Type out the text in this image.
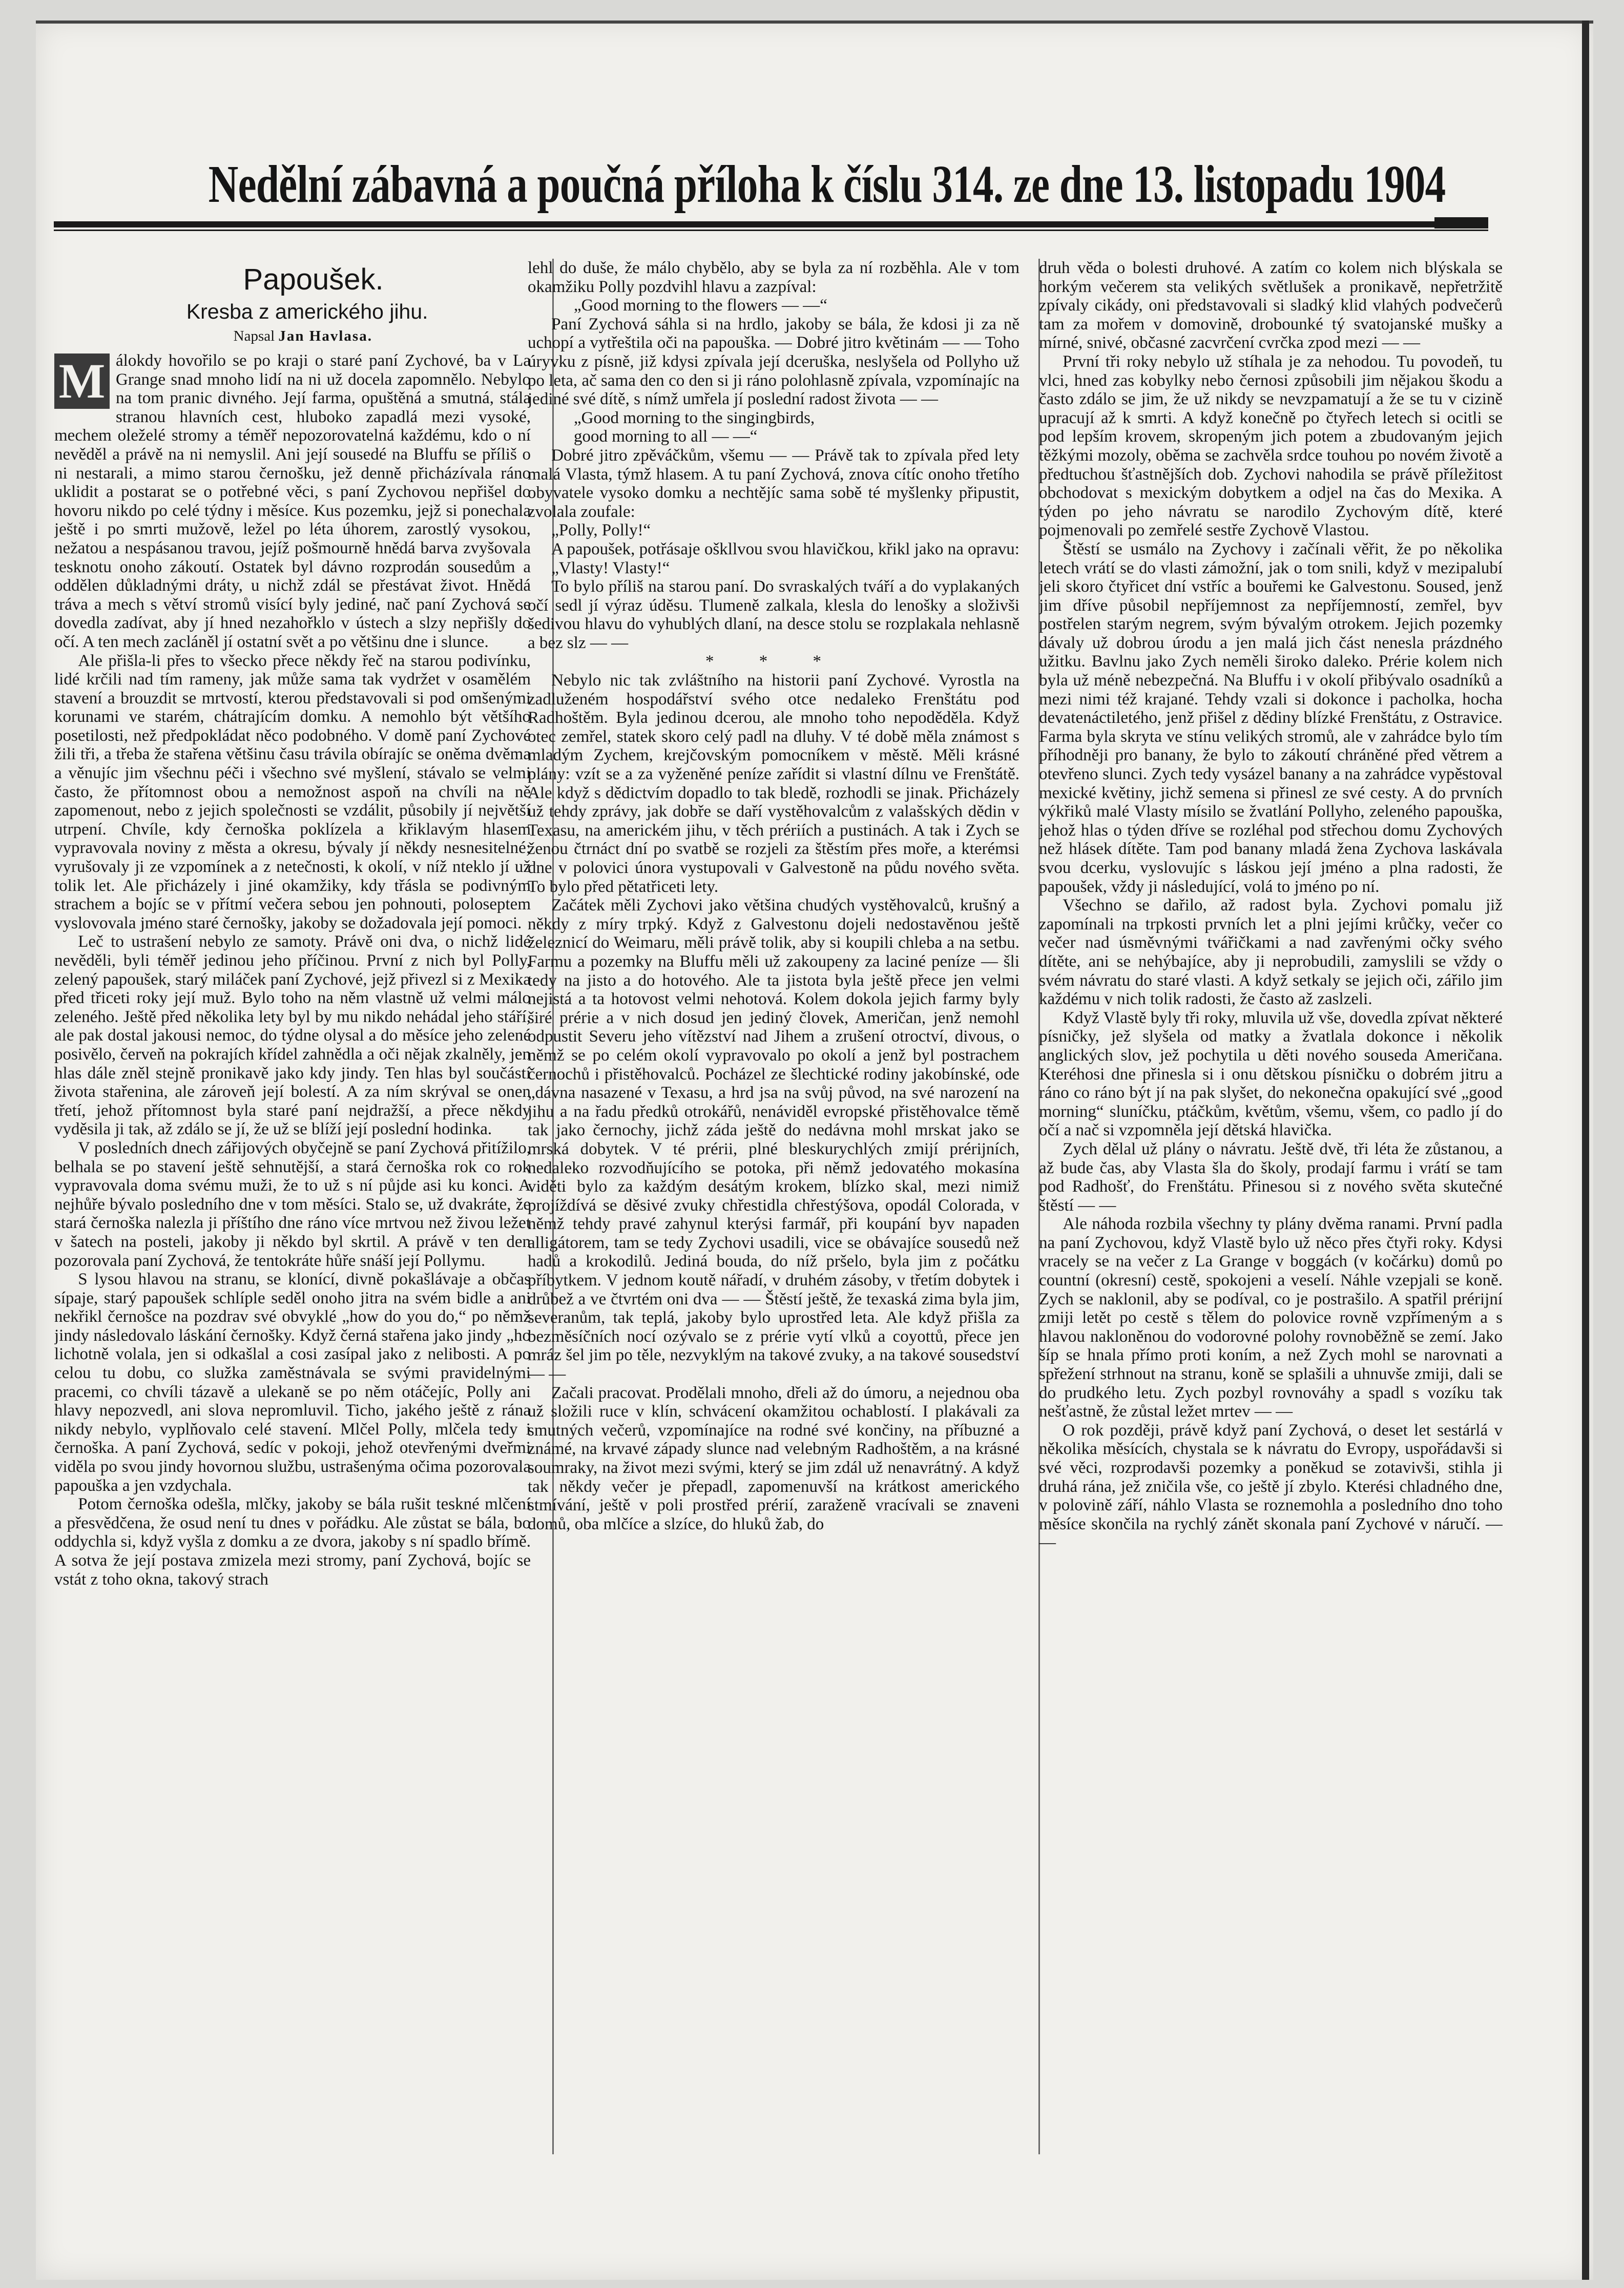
Nedělní zábavná a poučná příloha k číslu 314. ze dne 13. listopadu 1904

Papoušek.

Kresba z amerického jihu.

Napsal Jan Havlasa.

M álokdy hovořilo se po kraji o staré paní Zychové, ba v La Grange snad mnoho lidí na ni už docela zapomnělo. Nebylo na tom pranic divného. Její farma, opuštěná a smutná, stála stranou hlavních cest, hluboko zapadlá mezi vysoké, mechem oleželé stromy a téměř nepozorovatelná každému, kdo o ní nevěděl a právě na ni nemyslil. Ani její sousedé na Bluffu se příliš o ni nestarali, a mimo starou černošku, jež denně přicházívala ráno uklidit a postarat se o potřebné věci, s paní Zychovou nepřišel do hovoru nikdo po celé týdny i měsíce. Kus pozemku, jejž si ponechala ještě i po smrti mužově, ležel po léta úhorem, zarostlý vysokou, nežatou a nespásanou travou, jejíž pošmourně hnědá barva zvyšovala tesknotu onoho zákoutí. Ostatek byl dávno rozprodán sousedům a oddělen důkladnými dráty, u nichž zdál se přestávat život. Hnědá tráva a mech s větví stromů visící byly jediné, nač paní Zychová se dovedla zadívat, aby jí hned nezahořklo v ústech a slzy nepřišly do očí. A ten mech zacláněl jí ostatní svět a po většinu dne i slunce.

Ale přišla-li přes to všecko přece někdy řeč na starou podivínku, lidé krčili nad tím rameny, jak může sama tak vydržet v osamělém stavení a brouzdit se mrtvostí, kterou představovali si pod omšenými korunami ve starém, chátrajícím domku. A nemohlo být většího posetilosti, než předpokládat něco podobného. V domě paní Zychové žili tři, a třeba že stařena většinu času trávila obírajíc se oněma dvěma a věnujíc jim všechnu péči i všechno své myšlení, stávalo se velmi často, že přítomnost obou a nemožnost aspoň na chvíli na ně zapomenout, nebo z jejich společnosti se vzdálit, působily jí největší utrpení. Chvíle, kdy černoška poklízela a křiklavým hlasem vypravovala noviny z města a okresu, bývaly jí někdy nesnesitelné; vyrušovaly ji ze vzpomínek a z netečnosti, k okolí, v níž nteklo jí už tolik let. Ale přicházely i jiné okamžiky, kdy třásla se podivným strachem a bojíc se v přítmí večera sebou jen pohnouti, poloseptem vyslovovala jméno staré černošky, jakoby se dožadovala její pomoci.

Leč to ustrašení nebylo ze samoty. Právě oni dva, o nichž lidé nevěděli, byli téměř jedinou jeho příčinou. První z nich byl Polly, zelený papoušek, starý miláček paní Zychové, jejž přivezl si z Mexika před třiceti roky její muž. Bylo toho na něm vlastně už velmi málo zeleného. Ještě před několika lety byl by mu nikdo nehádal jeho stáří, ale pak dostal jakousi nemoc, do týdne olysal a do měsíce jeho zelené posivělo, červeň na pokrajích křídel zahnědla a oči nějak zkalněly, jen hlas dále zněl stejně pronikavě jako kdy jindy. Ten hlas byl součástí života stařenina, ale zároveň její bolestí. A za ním skrýval se onen třetí, jehož přítomnost byla staré paní nejdražší, a přece někdy vyděsila ji tak, až zdálo se jí, že už se blíží její poslední hodinka.

V posledních dnech zářijových obyčejně se paní Zychová přitížilo, belhala se po stavení ještě sehnutější, a stará černoška rok co rok vypravovala doma svému muži, že to už s ní půjde asi ku konci. A nejhůře bývalo posledního dne v tom měsíci. Stalo se, už dvakráte, že stará černoška nalezla ji příštího dne ráno více mrtvou než živou ležet v šatech na posteli, jakoby ji někdo byl skrtil. A právě v ten den pozorovala paní Zychová, že tentokráte hůře snáší její Pollymu.

S lysou hlavou na stranu, se klonící, divně pokašlávaje a občas sípaje, starý papoušek schlíple seděl onoho jitra na svém bidle a ani nekřikl černošce na pozdrav své obvyklé „how do you do,“ po němž jindy následovalo láskání černošky. Když černá stařena jako jindy „ho lichotně volala, jen si odkašlal a cosi zasípal jako z nelibosti. A po celou tu dobu, co služka zaměstnávala se svými pravidelnými pracemi, co chvíli tázavě a ulekaně se po něm otáčejíc, Polly ani hlavy nepozvedl, ani slova nepromluvil. Ticho, jakého ještě z rána nikdy nebylo, vyplňovalo celé stavení. Mlčel Polly, mlčela tedy i černoška. A paní Zychová, sedíc v pokoji, jehož otevřenými dveřmi viděla po svou jindy hovornou službu, ustrašenýma očima pozorovala papouška a jen vzdychala.

Potom černoška odešla, mlčky, jakoby se bála rušit teskné mlčení a přesvědčena, že osud není tu dnes v pořádku. Ale zůstat se bála, bo oddychla si, když vyšla z domku a ze dvora, jakoby s ní spadlo břímě. A sotva že její postava zmizela mezi stromy, paní Zychová, bojíc se vstát z toho okna, takový strach

lehl do duše, že málo chybělo, aby se byla za ní rozběhla. Ale v tom okamžiku Polly pozdvihl hlavu a zazpíval:

„Good morning to the flowers — —“

Paní Zychová sáhla si na hrdlo, jakoby se bála, že kdosi ji za ně uchopí a vytřeštila oči na papouška. — Dobré jitro květinám — — Toho úryvku z písně, již kdysi zpívala její dceruška, neslyšela od Pollyho už po leta, ač sama den co den si ji ráno polohlasně zpívala, vzpomínajíc na jediné své dítě, s nímž umřela jí poslední radost života — —

„Good morning to the singingbirds,

good morning to all — —“

Dobré jitro zpěváčkům, všemu — — Právě tak to zpívala před lety malá Vlasta, týmž hlasem. A tu paní Zychová, znova cítíc onoho třetího obyvatele vysoko domku a nechtějíc sama sobě té myšlenky připustit, zvolala zoufale:

„Polly, Polly!“

A papoušek, potřásaje oškllvou svou hlavičkou, křikl jako na opravu:

„Vlasty! Vlasty!“

To bylo příliš na starou paní. Do svraskalých tváří a do vyplakaných očí sedl jí výraz úděsu. Tlumeně zalkala, klesla do lenošky a složivši šedivou hlavu do vyhublých dlaní, na desce stolu se rozplakala nehlasně a bez slz — —

* * *

Nebylo nic tak zvláštního na historii paní Zychové. Vyrostla na zadluženém hospodářství svého otce nedaleko Frenštátu pod Radhoštěm. Byla jedinou dcerou, ale mnoho toho nepoděděla. Když otec zemřel, statek skoro celý padl na dluhy. V té době měla známost s mladým Zychem, krejčovským pomocníkem v městě. Měli krásné plány: vzít se a za vyženěné peníze zařídit si vlastní dílnu ve Frenštátě. Ale když s dědictvím dopadlo to tak bledě, rozhodli se jinak. Přicházely už tehdy zprávy, jak dobře se daří vystěhovalcům z valašských dědin v Texasu, na americkém jihu, v těch prériích a pustinách. A tak i Zych se ženou čtrnáct dní po svatbě se rozjeli za štěstím přes moře, a kterémsi dne v polovici února vystupovali v Galvestoně na půdu nového světa. To bylo před pětatřiceti lety.

Začátek měli Zychovi jako většina chudých vystěhovalců, krušný a někdy z míry trpký. Když z Galvestonu dojeli nedostavěnou ještě železnicí do Weimaru, měli právě tolik, aby si koupili chleba a na setbu. Farmu a pozemky na Bluffu měli už zakoupeny za laciné peníze — šli tedy na jisto a do hotového. Ale ta jistota byla ještě přece jen velmi nejistá a ta hotovost velmi nehotová. Kolem dokola jejich farmy byly širé prérie a v nich dosud jen jediný človek, Američan, jenž nemohl odpustit Severu jeho vítězství nad Jihem a zrušení otroctví, divous, o němž se po celém okolí vypravovalo po okolí a jenž byl postrachem černochů i přistěhovalců. Pocházel ze šlechtické rodiny jakobínské, ode „dávna nasazené v Texasu, a hrd jsa na svůj původ, na své narození na jihu a na řadu předků otrokářů, nenáviděl evropské přistěhovalce těmě tak jako černochy, jichž záda ještě do nedávna mohl mrskat jako se mrská dobytek. V té prérii, plné bleskurychlých zmijí prérijních, nedaleko rozvodňujícího se potoka, při němž jedovatého mokasína viděti bylo za každým desátým krokem, blízko skal, mezi nimiž projíždívá se děsivé zvuky chřestidla chřestýšova, opodál Colorada, v němž tehdy pravé zahynul kterýsi farmář, při koupání byv napaden alligátorem, tam se tedy Zychovi usadili, vice se obávajíce sousedů než hadů a krokodilů. Jediná bouda, do níž pršelo, byla jim z počátku příbytkem. V jednom koutě nářadí, v druhém zásoby, v třetím dobytek i drůbež a ve čtvrtém oni dva — — Štěstí ještě, že texaská zima byla jim, severanům, tak teplá, jakoby bylo uprostřed leta. Ale když přišla za bezměsíčních nocí ozývalo se z prérie vytí vlků a coyottů, přece jen mráz šel jim po těle, nezvyklým na takové zvuky, a na takové sousedství — —

Začali pracovat. Prodělali mnoho, dřeli až do úmoru, a nejednou oba už složili ruce v klín, schvácení okamžitou ochablostí. I plakávali za smutných večerů, vzpomínajíce na rodné své končiny, na příbuzné a známé, na krvavé západy slunce nad velebným Radhoštěm, a na krásné soumraky, na život mezi svými, který se jim zdál už nenavrátný. A když tak někdy večer je přepadl, zapomenuvší na krátkost amerického stmívání, ještě v poli prostřed prérií, zaraženě vracívali se znaveni domů, oba mlčíce a slzíce, do hluků žab, do

druh věda o bolesti druhové. A zatím co kolem nich blýskala se horkým večerem sta velikých světlušek a pronikavě, nepřetržitě zpívaly cikády, oni představovali si sladký klid vlahých podvečerů tam za mořem v domovině, drobounké tý svatojanské mušky a mírné, snivé, občasné zacvrčení cvrčka zpod mezi — —

První tři roky nebylo už stíhala je za nehodou. Tu povodeň, tu vlci, hned zas kobylky nebo černosi způsobili jim nějakou škodu a často zdálo se jim, že už nikdy se nevzpamatují a že se tu v cizině upracují až k smrti. A když konečně po čtyřech letech si ocitli se pod lepším krovem, skropeným jich potem a zbudovaným jejich těžkými mozoly, oběma se zachvěla srdce touhou po novém životě a předtuchou šťastnějších dob. Zychovi nahodila se právě příležitost obchodovat s mexickým dobytkem a odjel na čas do Mexika. A týden po jeho návratu se narodilo Zychovým dítě, které pojmenovali po zemřelé sestře Zychově Vlastou.

Štěstí se usmálo na Zychovy i začínali věřit, že po několika letech vrátí se do vlasti zámožní, jak o tom snili, když v mezipalubí jeli skoro čtyřicet dní vstříc a bouřemi ke Galvestonu. Soused, jenž jim dříve působil nepříjemnost za nepříjemností, zemřel, byv postřelen starým negrem, svým bývalým otrokem. Jejich pozemky dávaly už dobrou úrodu a jen malá jich část nenesla prázdného užitku. Bavlnu jako Zych neměli široko daleko. Prérie kolem nich byla už méně nebezpečná. Na Bluffu i v okolí přibývalo osadníků a mezi nimi též krajané. Tehdy vzali si dokonce i pacholka, hocha devatenáctiletého, jenž přišel z dědiny blízké Frenštátu, z Ostravice. Farma byla skryta ve stínu velikých stromů, ale v zahrádce bylo tím příhodněji pro banany, že bylo to zákoutí chráněné před větrem a otevřeno slunci. Zych tedy vysázel banany a na zahrádce vypěstoval mexické květiny, jichž semena si přinesl ze své cesty. A do prvních výkřiků malé Vlasty mísilo se žvatlání Pollyho, zeleného papouška, jehož hlas o týden dříve se rozléhal pod střechou domu Zychových než hlásek dítěte. Tam pod banany mladá žena Zychova laskávala svou dcerku, vyslovujíc s láskou její jméno a plna radosti, že papoušek, vždy ji následující, volá to jméno po ní.

Všechno se dařilo, až radost byla. Zychovi pomalu již zapomínali na trpkosti prvních let a plni jejími krůčky, večer co večer nad úsměvnými tvářičkami a nad zavřenými očky svého dítěte, ani se nehýbajíce, aby ji neprobudili, zamyslili se vždy o svém návratu do staré vlasti. A když setkaly se jejich oči, zářilo jim každému v nich tolik radosti, že často až zaslzeli.

Když Vlastě byly tři roky, mluvila už vše, dovedla zpívat některé písničky, jež slyšela od matky a žvatlala dokonce i několik anglických slov, jež pochytila u děti nového souseda Američana. Kteréhosi dne přinesla si i onu dětskou písničku o dobrém jitru a ráno co ráno být jí na pak slyšet, do nekonečna opakující své „good morning“ sluníčku, ptáčkům, květům, všemu, všem, co padlo jí do očí a nač si vzpomněla její dětská hlavička.

Zych dělal už plány o návratu. Ještě dvě, tři léta že zůstanou, a až bude čas, aby Vlasta šla do školy, prodají farmu i vrátí se tam pod Radhošť, do Frenštátu. Přinesou si z nového světa skutečné štěstí — —

Ale náhoda rozbila všechny ty plány dvěma ranami. První padla na paní Zychovou, když Vlastě bylo už něco přes čtyři roky. Kdysi vracely se na večer z La Grange v boggách (v kočárku) domů po countní (okresní) cestě, spokojeni a veselí. Náhle vzepjali se koně. Zych se naklonil, aby se podíval, co je postrašilo. A spatřil prérijní zmiji letět po cestě s tělem do polovice rovně vzpřímeným a s hlavou nakloněnou do vodorovné polohy rovnoběžně se zemí. Jako šíp se hnala přímo proti koním, a než Zych mohl se narovnati a spřežení strhnout na stranu, koně se splašili a uhnuvše zmiji, dali se do prudkého letu. Zych pozbyl rovnováhy a spadl s vozíku tak nešťastně, že zůstal ležet mrtev — —

O rok později, právě když paní Zychová, o deset let sestárlá v několika měsících, chystala se k návratu do Evropy, uspořádavši si své věci, rozprodavši pozemky a poněkud se zotavivši, stihla ji druhá rána, jež zničila vše, co ještě jí zbylo. Kterési chladného dne, v polovině září, náhlo Vlasta se roznemohla a posledního dno toho měsíce skončila na rychlý zánět skonala paní Zychové v náručí. — —
